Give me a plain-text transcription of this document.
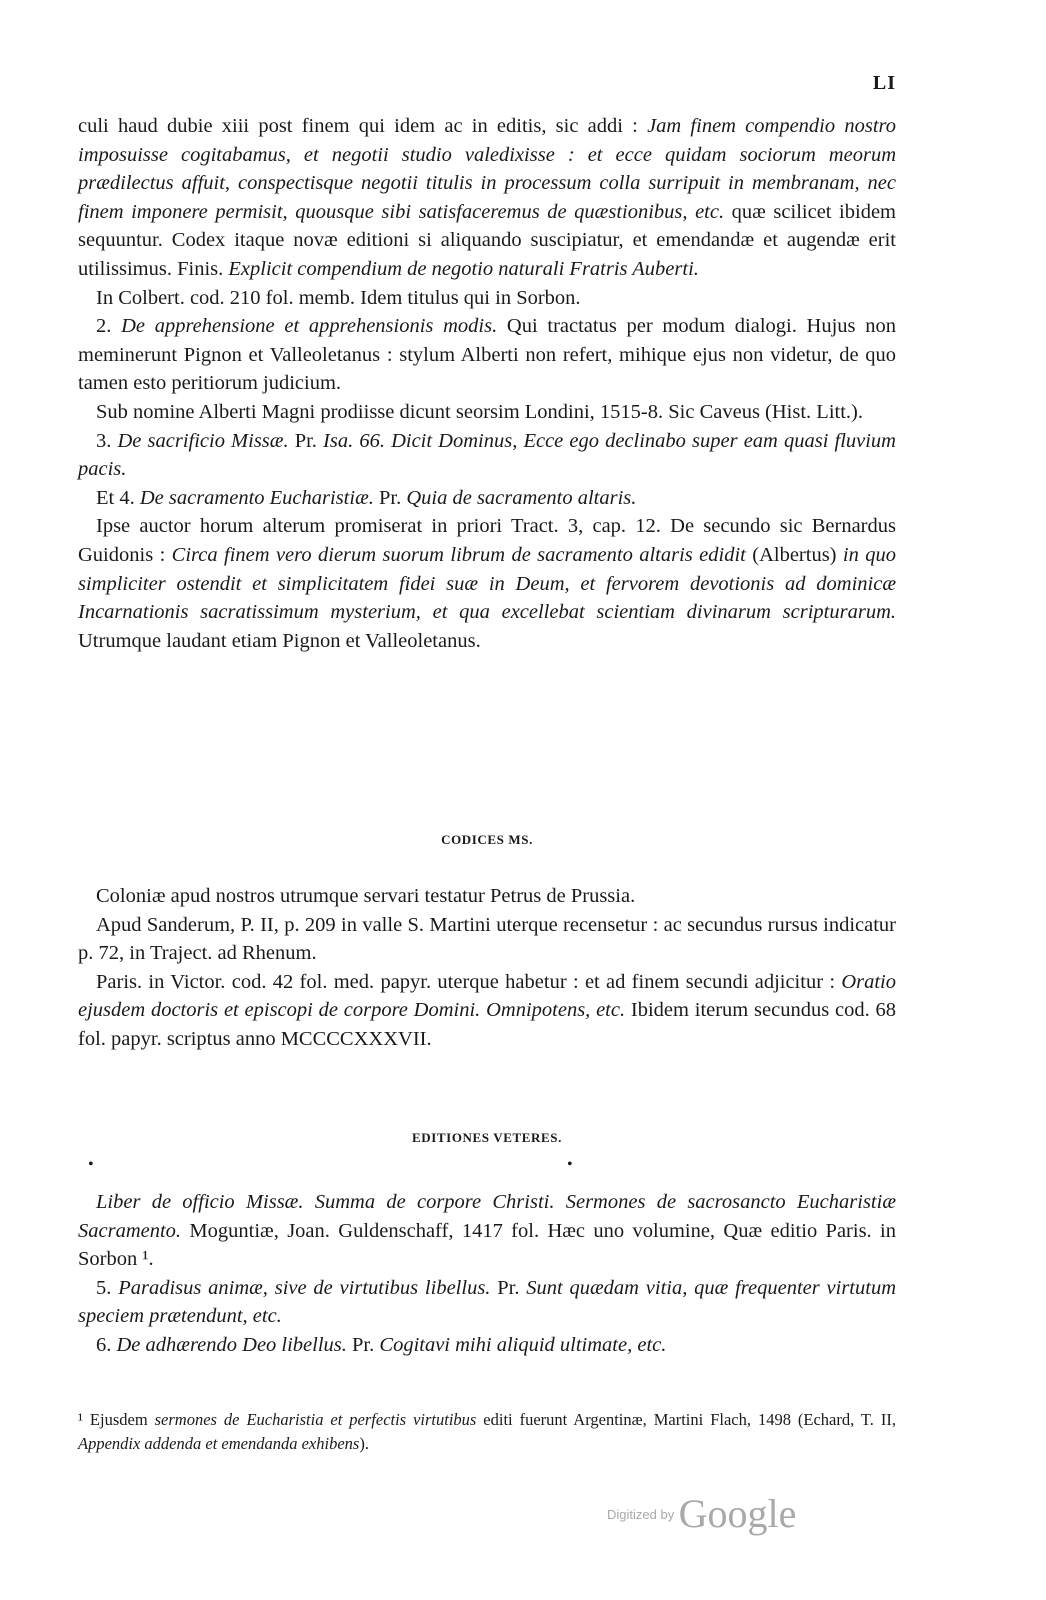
LI

culi haud dubie xiii post finem qui idem ac in editis, sic addi : Jam finem compendio nostro imposuisse cogitabamus, et negotii studio valedixisse : et ecce quidam sociorum meorum prædilectus affuit, conspectisque negotii titulis in processum colla surripuit in membranam, nec finem imponere permisit, quousque sibi satisfaceremus de quæstionibus, etc. quæ scilicet ibidem sequuntur. Codex itaque novæ editioni si aliquando suscipiatur, et emendandæ et augendæ erit utilissimus. Finis. Explicit compendium de negotio naturali Fratris Auberti.

In Colbert. cod. 210 fol. memb. Idem titulus qui in Sorbon.

2. De apprehensione et apprehensionis modis. Qui tractatus per modum dialogi. Hujus non meminerunt Pignon et Valleoletanus : stylum Alberti non refert, mihique ejus non videtur, de quo tamen esto peritiorum judicium.

Sub nomine Alberti Magni prodiisse dicunt seorsim Londini, 1515-8. Sic Caveus (Hist. Litt.).

3. De sacrificio Missæ. Pr. Isa. 66. Dicit Dominus, Ecce ego declinabo super eam quasi fluvium pacis.

Et 4. De sacramento Eucharistiæ. Pr. Quia de sacramento altaris.

Ipse auctor horum alterum promiserat in priori Tract. 3, cap. 12. De secundo sic Bernardus Guidonis : Circa finem vero dierum suorum librum de sacramento altaris edidit (Albertus) in quo simpliciter ostendit et simplicitatem fidei suæ in Deum, et fervorem devotionis ad dominicæ Incarnationis sacratissimum mysterium, et qua excellebat scientiam divinarum scripturarum. Utrumque laudant etiam Pignon et Valleoletanus.

CODICES MS.

Coloniæ apud nostros utrumque servari testatur Petrus de Prussia.

Apud Sanderum, P. II, p. 209 in valle S. Martini uterque recensetur : ac secundus rursus indicatur p. 72, in Traject. ad Rhenum.

Paris. in Victor. cod. 42 fol. med. papyr. uterque habetur : et ad finem secundi adjicitur : Oratio ejusdem doctoris et episcopi de corpore Domini. Omnipotens, etc. Ibidem iterum secundus cod. 68 fol. papyr. scriptus anno MCCCCXXXVII.

EDITIONES VETERES.
•	•

Liber de officio Missæ. Summa de corpore Christi. Sermones de sacrosancto Eucharistiæ Sacramento. Moguntiæ, Joan. Guldenschaff, 1417 fol. Hæc uno volumine, Quæ editio Paris. in Sorbon ¹.

5. Paradisus animæ, sive de virtutibus libellus. Pr. Sunt quædam vitia, quæ frequenter virtutum speciem prætendunt, etc.

6. De adhærendo Deo libellus. Pr. Cogitavi mihi aliquid ultimate, etc.

¹ Ejusdem sermones de Eucharistia et perfectis virtutibus editi fuerunt Argentinæ, Martini Flach, 1498 (Echard, T. II, Appendix addenda et emendanda exhibens).

$^{Digitized by}$ Google
